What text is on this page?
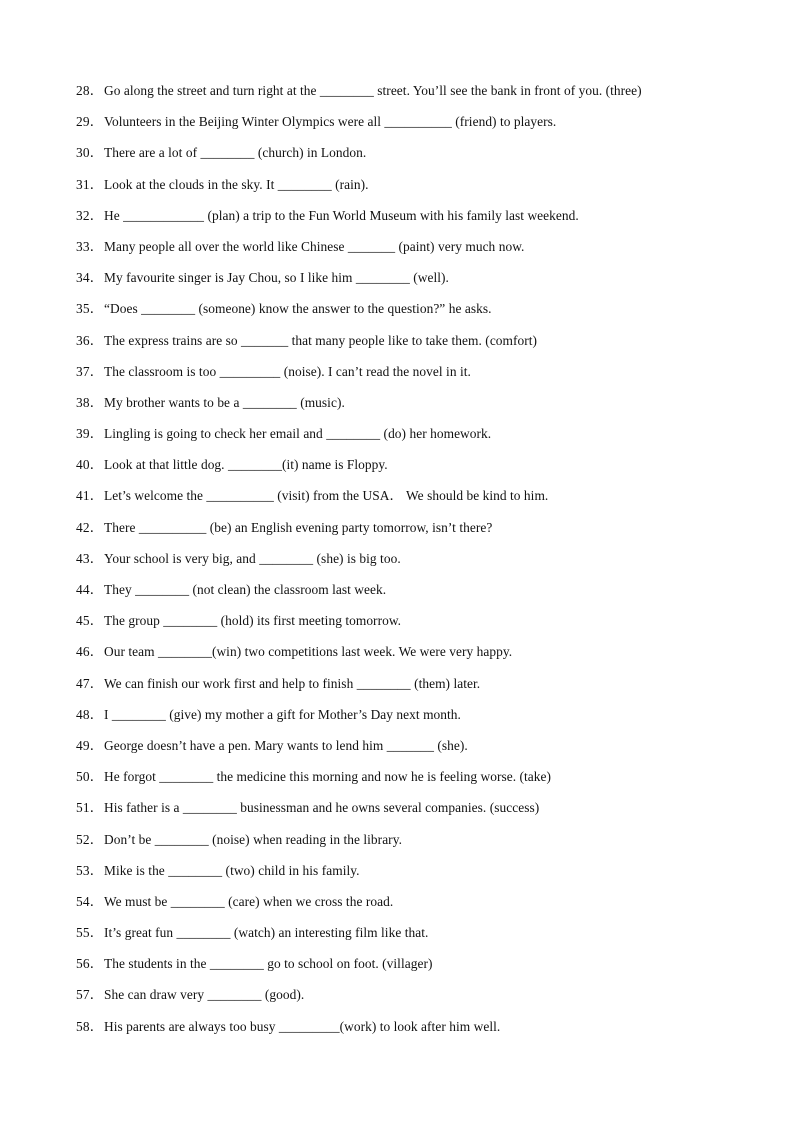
28． Go along the street and turn right at the ________ street. You’ll see the bank in front of you. (three)
29． Volunteers in the Beijing Winter Olympics were all __________ (friend) to players.
30． There are a lot of ________ (church) in London.
31． Look at the clouds in the sky. It ________ (rain).
32． He ____________ (plan) a trip to the Fun World Museum with his family last weekend.
33． Many people all over the world like Chinese _______ (paint) very much now.
34． My favourite singer is Jay Chou, so I like him ________ (well).
35． “Does ________ (someone) know the answer to the question?” he asks.
36． The express trains are so _______ that many people like to take them. (comfort)
37． The classroom is too _________ (noise). I can’t read the novel in it.
38． My brother wants to be a ________ (music).
39． Lingling is going to check her email and ________ (do) her homework.
40． Look at that little dog. ________(it) name is Floppy.
41． Let’s welcome the __________ (visit) from the USA． We should be kind to him.
42． There __________ (be) an English evening party tomorrow, isn’t there?
43． Your school is very big, and ________ (she) is big too.
44． They ________ (not clean) the classroom last week.
45． The group ________ (hold) its first meeting tomorrow.
46． Our team ________(win) two competitions last week. We were very happy.
47． We can finish our work first and help to finish ________ (them) later.
48． I ________ (give) my mother a gift for Mother’s Day next month.
49． George doesn’t have a pen. Mary wants to lend him _______ (she).
50． He forgot ________ the medicine this morning and now he is feeling worse. (take)
51． His father is a ________ businessman and he owns several companies. (success)
52． Don’t be ________ (noise) when reading in the library.
53． Mike is the ________ (two) child in his family.
54． We must be ________ (care) when we cross the road.
55． It’s great fun ________ (watch) an interesting film like that.
56． The students in the ________ go to school on foot. (villager)
57． She can draw very ________ (good).
58． His parents are always too busy _________(work) to look after him well.
